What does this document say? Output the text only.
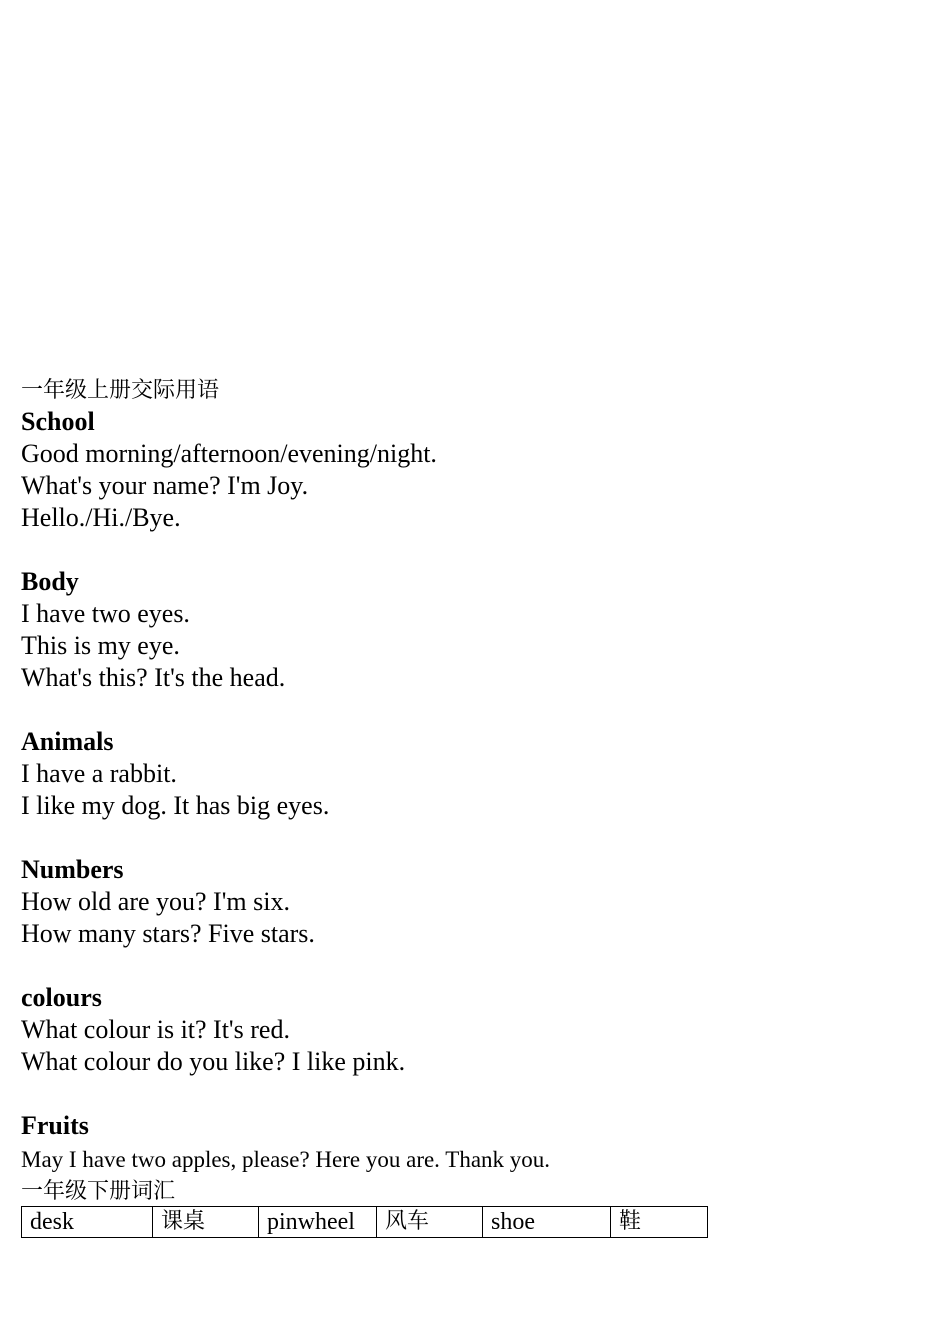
一年级上册交际用语
School
Good morning/afternoon/evening/night.
What's your name? I'm Joy.
Hello./Hi./Bye.
Body
I have two eyes.
This is my eye.
What's this? It's the head.
Animals
I have a rabbit.
I like my dog. It has big eyes.
Numbers
How old are you? I'm six.
How many stars? Five stars.
colours
What colour is it? It's red.
What colour do you like? I like pink.
Fruits
May I have two apples, please? Here you are. Thank you.
一年级下册词汇
desk	课桌	pinwheel	风车	shoe	鞋
